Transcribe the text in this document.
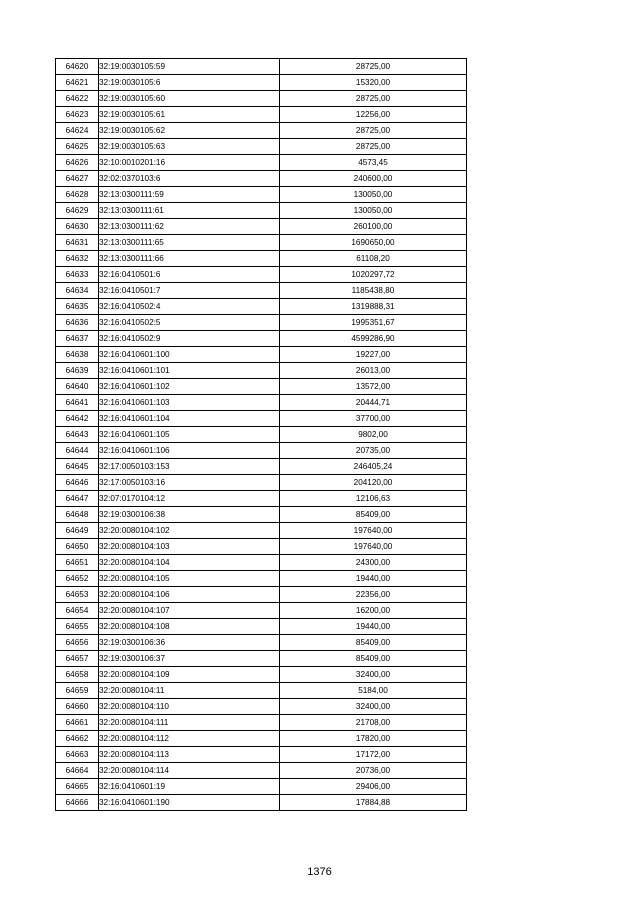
64620	32:19:0030105:59	28725,00
64621	32:19:0030105:6	15320,00
64622	32:19:0030105:60	28725,00
64623	32:19:0030105:61	12256,00
64624	32:19:0030105:62	28725,00
64625	32:19:0030105:63	28725,00
64626	32:10:0010201:16	4573,45
64627	32:02:0370103:6	240600,00
64628	32:13:0300111:59	130050,00
64629	32:13:0300111:61	130050,00
64630	32:13:0300111:62	260100,00
64631	32:13:0300111:65	1690650,00
64632	32:13:0300111:66	61108,20
64633	32:16:0410501:6	1020297,72
64634	32:16:0410501:7	1185438,80
64635	32:16:0410502:4	1319888,31
64636	32:16:0410502:5	1995351,67
64637	32:16:0410502:9	4599286,90
64638	32:16:0410601:100	19227,00
64639	32:16:0410601:101	26013,00
64640	32:16:0410601:102	13572,00
64641	32:16:0410601:103	20444,71
64642	32:16:0410601:104	37700,00
64643	32:16:0410601:105	9802,00
64644	32:16:0410601:106	20735,00
64645	32:17:0050103:153	246405,24
64646	32:17:0050103:16	204120,00
64647	32:07:0170104:12	12106,63
64648	32:19:0300106:38	85409,00
64649	32:20:0080104:102	197640,00
64650	32:20:0080104:103	197640,00
64651	32:20:0080104:104	24300,00
64652	32:20:0080104:105	19440,00
64653	32:20:0080104:106	22356,00
64654	32:20:0080104:107	16200,00
64655	32:20:0080104:108	19440,00
64656	32:19:0300106:36	85409,00
64657	32:19:0300106:37	85409,00
64658	32:20:0080104:109	32400,00
64659	32:20:0080104:11	5184,00
64660	32:20:0080104:110	32400,00
64661	32:20:0080104:111	21708,00
64662	32:20:0080104:112	17820,00
64663	32:20:0080104:113	17172,00
64664	32:20:0080104:114	20736,00
64665	32:16:0410601:19	29406,00
64666	32:16:0410601:190	17884,88
1376
